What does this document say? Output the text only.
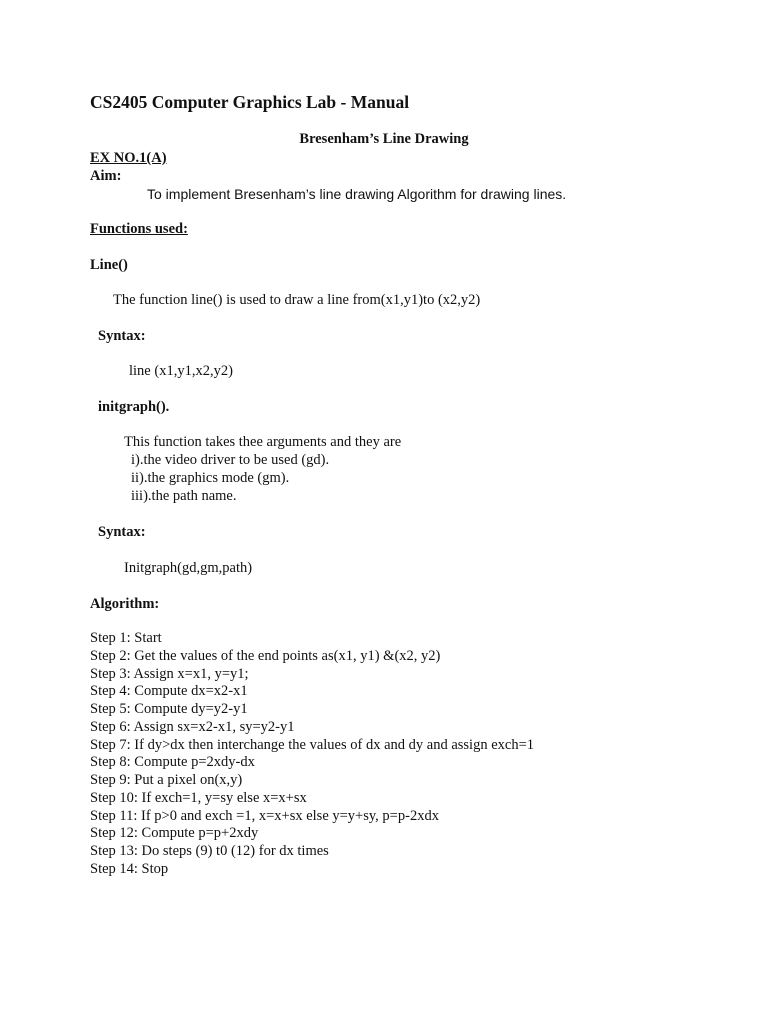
CS2405 Computer Graphics Lab - Manual
Bresenham’s Line Drawing
EX NO.1(A)
Aim:
To implement Bresenham’s line drawing Algorithm for drawing lines.
Functions used:
Line()
The function line() is used to draw a line from(x1,y1)to (x2,y2)
Syntax:
line (x1,y1,x2,y2)
initgraph().
This function takes thee arguments and they are
i).the video driver to be used (gd).
ii).the graphics mode (gm).
iii).the path name.
Syntax:
Initgraph(gd,gm,path)
Algorithm:
Step 1: Start
Step 2: Get the values of the end points as(x1, y1) &(x2, y2)
Step 3: Assign x=x1, y=y1;
Step 4: Compute dx=x2-x1
Step 5: Compute dy=y2-y1
Step 6: Assign sx=x2-x1, sy=y2-y1
Step 7: If dy>dx then interchange the values of dx and dy and assign exch=1
Step 8: Compute p=2xdy-dx
Step 9: Put a pixel on(x,y)
Step 10: If exch=1, y=sy else x=x+sx
Step 11: If p>0 and exch =1, x=x+sx else y=y+sy, p=p-2xdx
Step 12: Compute p=p+2xdy
Step 13: Do steps (9) t0 (12) for dx times
Step 14: Stop
